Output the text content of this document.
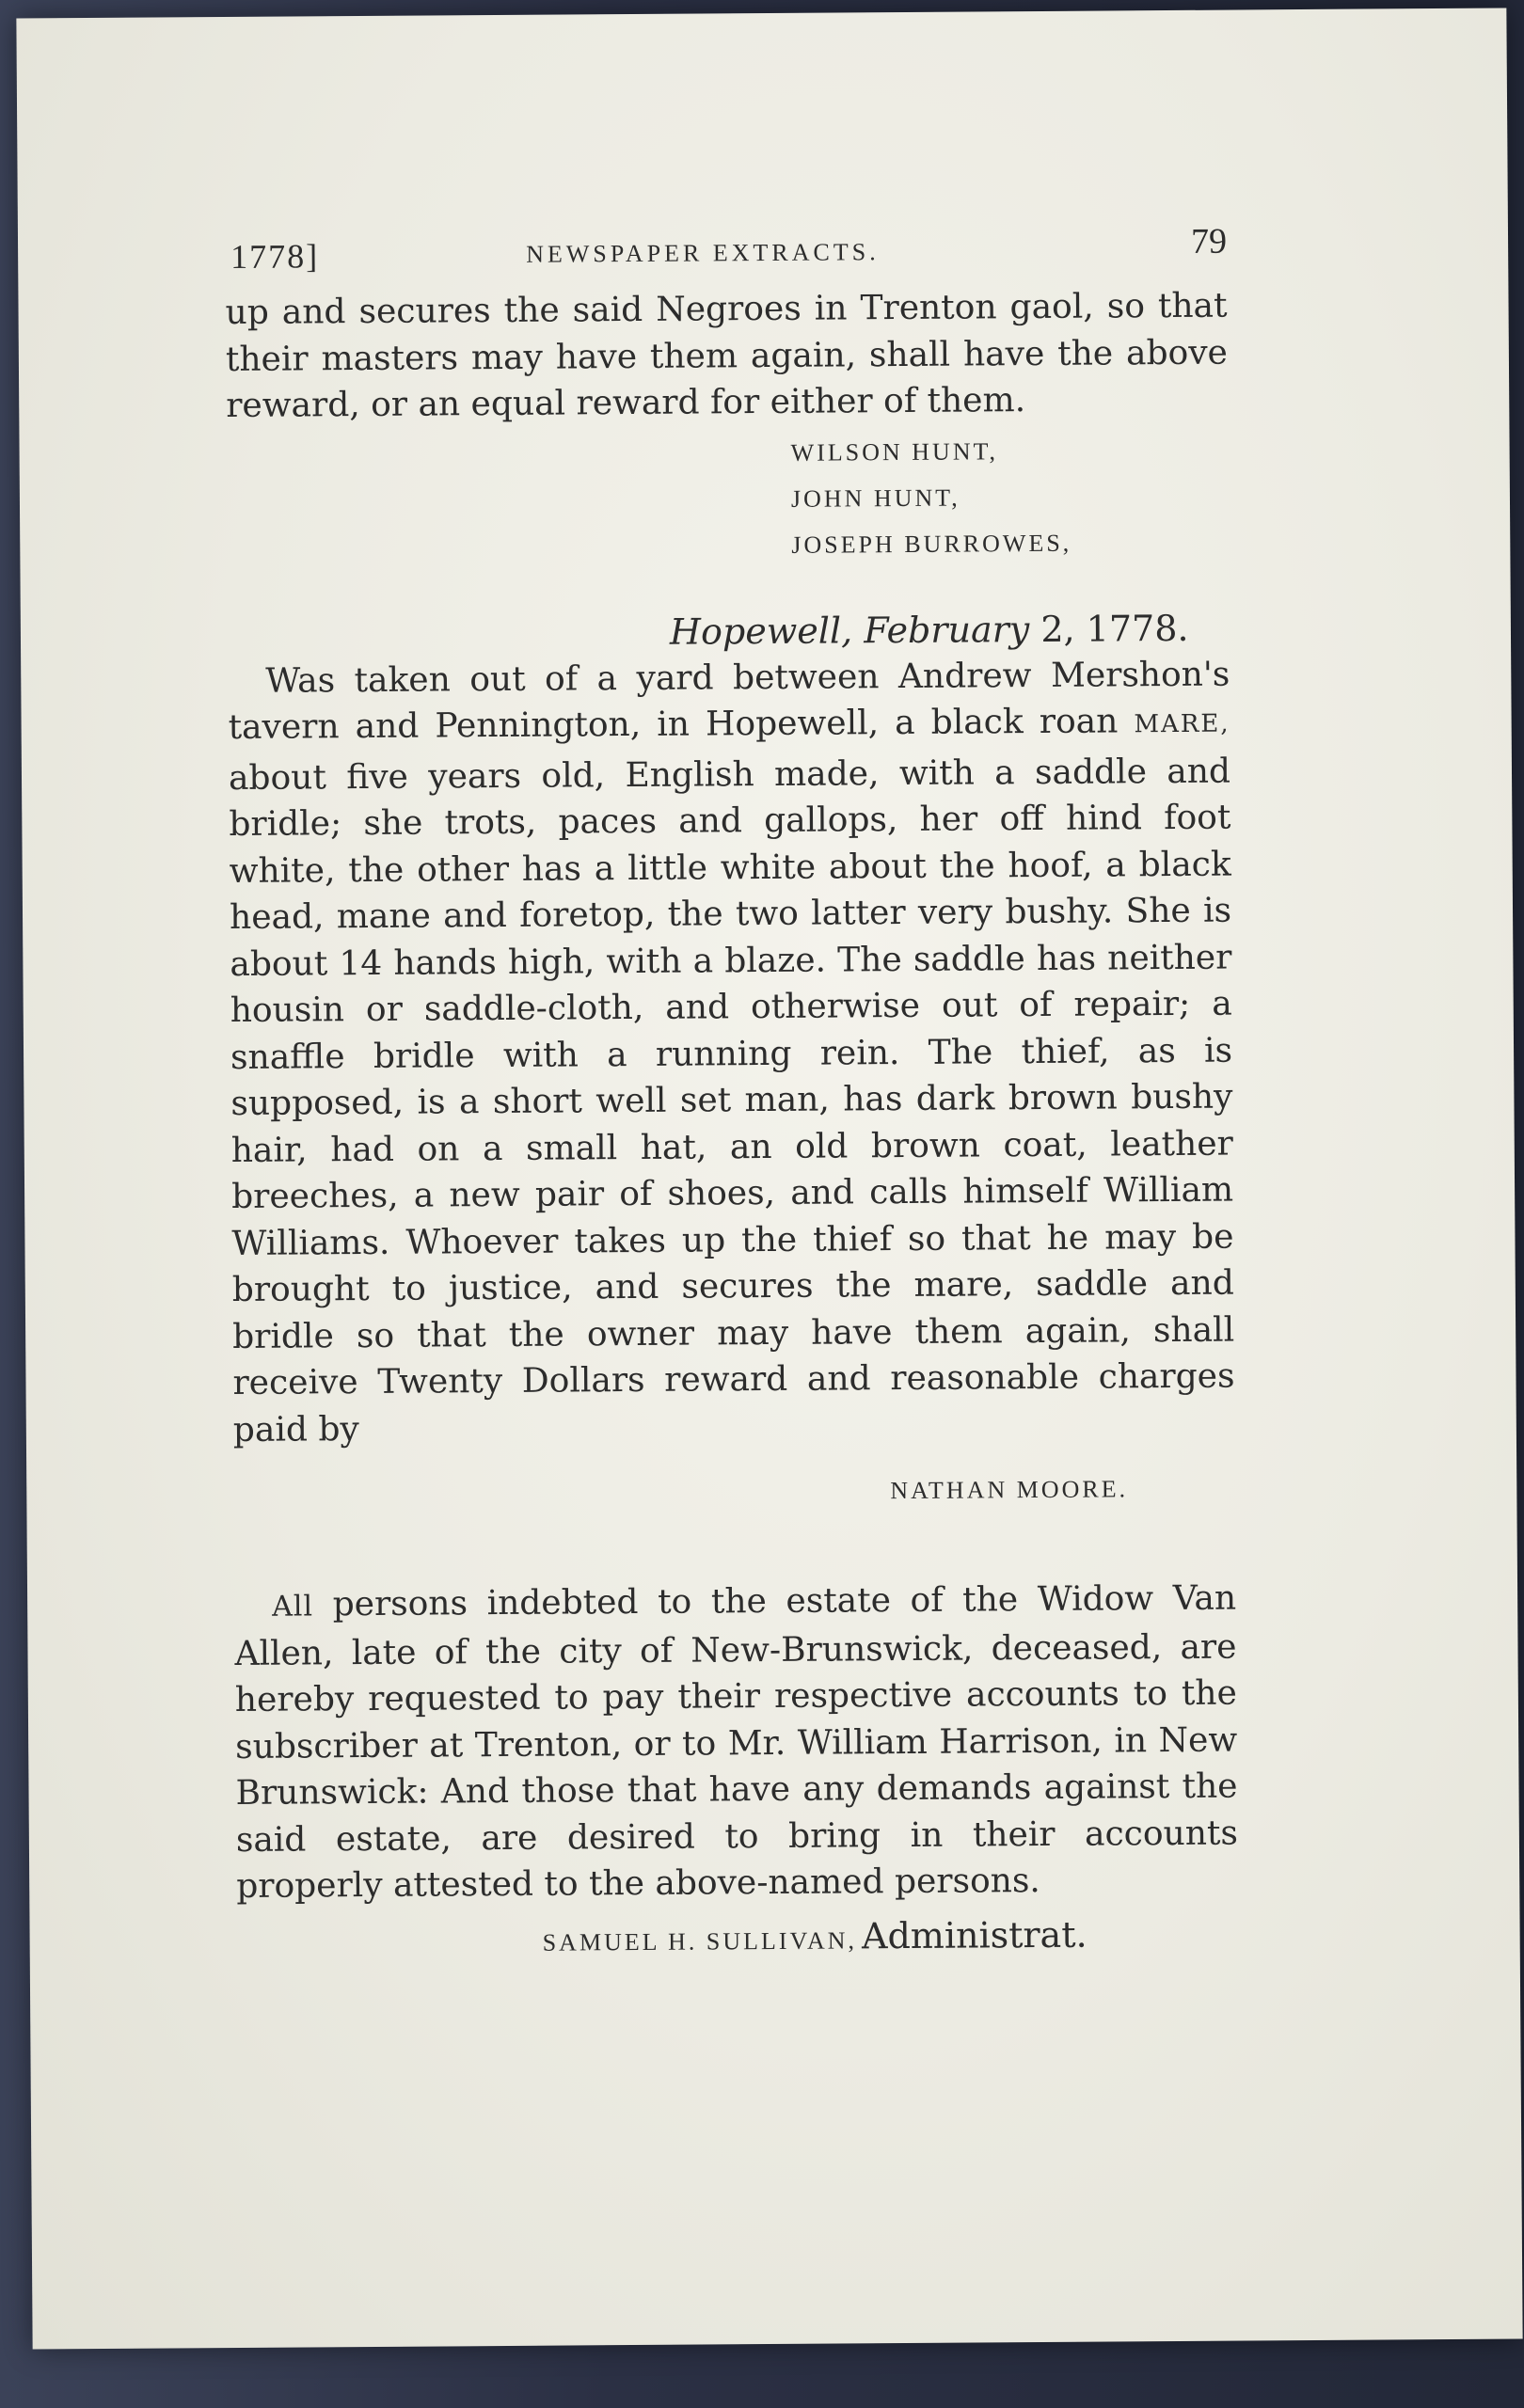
1778]	NEWSPAPER EXTRACTS.	79

up and secures the said Negroes in Trenton gaol, so that their masters may have them again, shall have the above reward, or an equal reward for either of them.

WILSON HUNT,

JOHN HUNT,

JOSEPH BURROWES,

Hopewell, February 2, 1778.

Was taken out of a yard between Andrew Mershon's tavern and Pennington, in Hopewell, a black roan MARE, about five years old, English made, with a saddle and bridle; she trots, paces and gallops, her off hind foot white, the other has a little white about the hoof, a black head, mane and foretop, the two latter very bushy. She is about 14 hands high, with a blaze. The saddle has neither housin or saddle-cloth, and otherwise out of repair; a snaffle bridle with a running rein. The thief, as is supposed, is a short well set man, has dark brown bushy hair, had on a small hat, an old brown coat, leather breeches, a new pair of shoes, and calls himself William Williams. Whoever takes up the thief so that he may be brought to justice, and secures the mare, saddle and bridle so that the owner may have them again, shall receive Twenty Dollars reward and reasonable charges paid by

NATHAN MOORE.

All persons indebted to the estate of the Widow Van Allen, late of the city of New-Brunswick, deceased, are hereby requested to pay their respective accounts to the subscriber at Trenton, or to Mr. William Harrison, in New Brunswick: And those that have any demands against the said estate, are desired to bring in their accounts properly attested to the above-named persons.

SAMUEL H. SULLIVAN, Administrat.
